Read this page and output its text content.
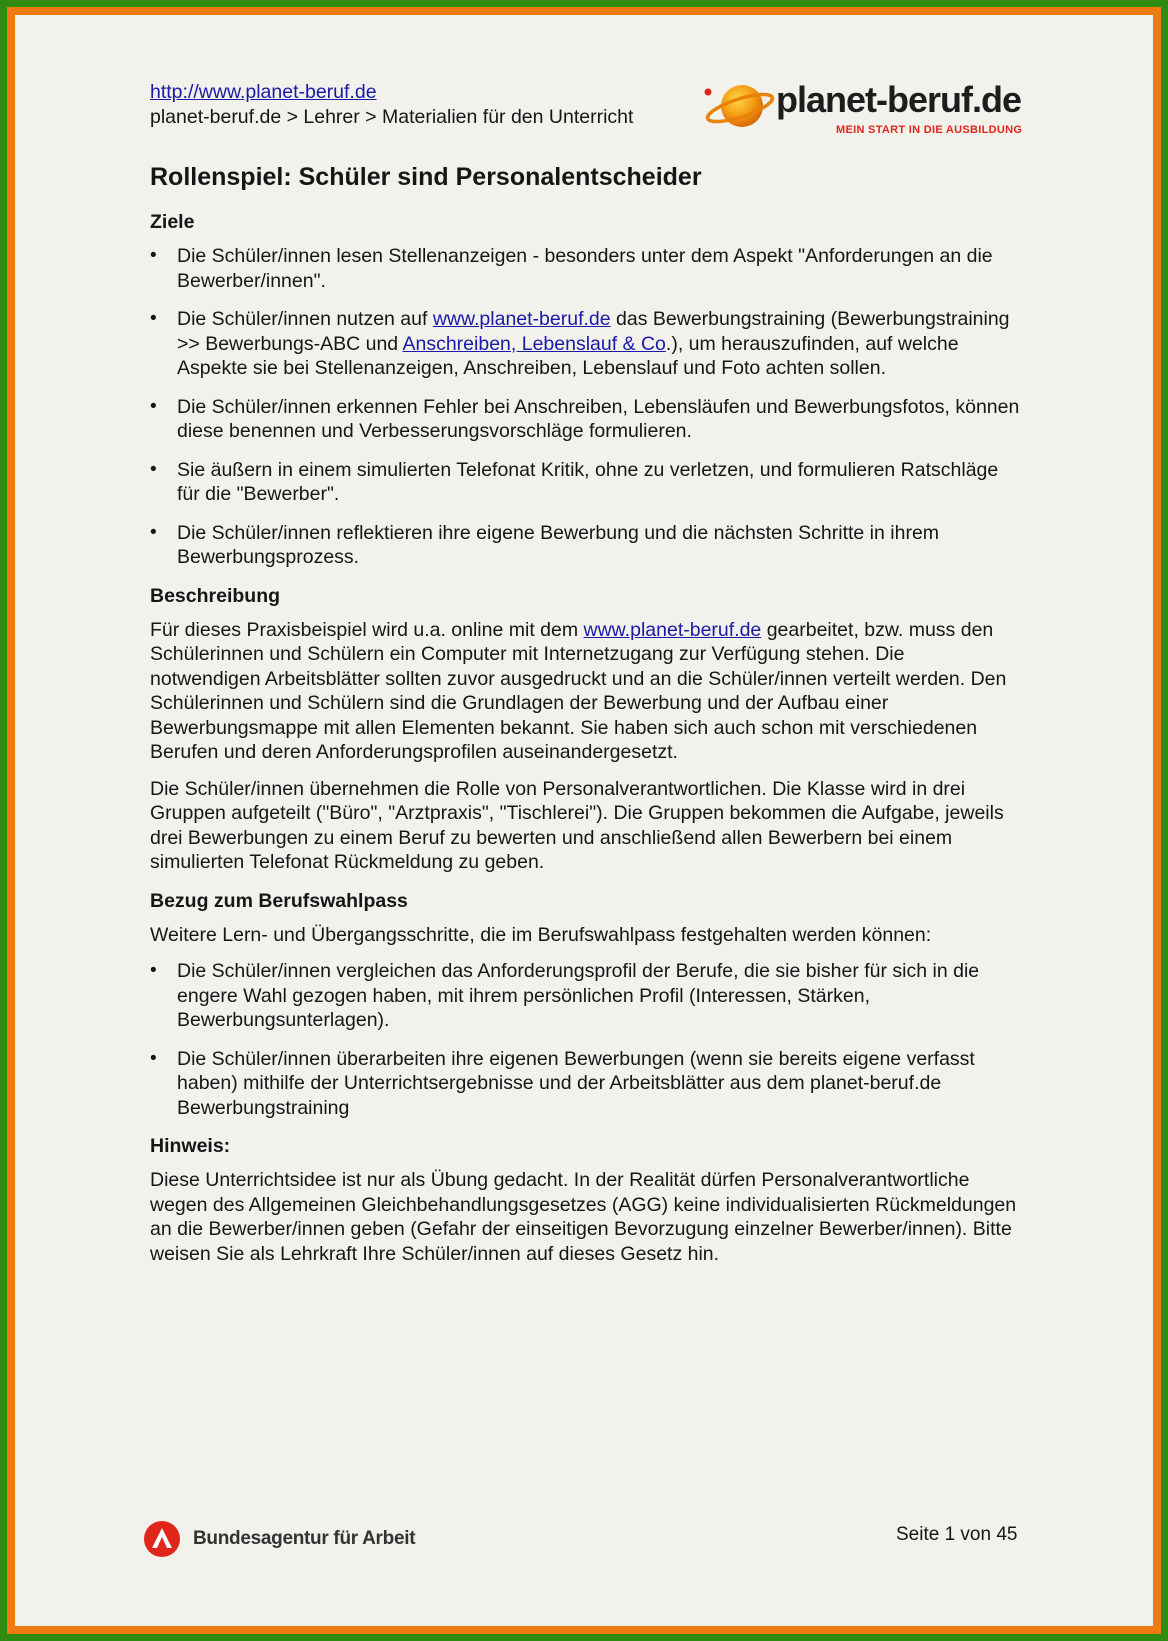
http://www.planet-beruf.de
planet-beruf.de > Lehrer > Materialien für den Unterricht	planet-beruf.de
MEIN START IN DIE AUSBILDUNG
Rollenspiel: Schüler sind Personalentscheider
Ziele
• Die Schüler/innen lesen Stellenanzeigen - besonders unter dem Aspekt "Anforderungen an die Bewerber/innen".
• Die Schüler/innen nutzen auf www.planet-beruf.de das Bewerbungstraining (Bewerbungstraining >> Bewerbungs-ABC und Anschreiben, Lebenslauf & Co.), um herauszufinden, auf welche Aspekte sie bei Stellenanzeigen, Anschreiben, Lebenslauf und Foto achten sollen.
• Die Schüler/innen erkennen Fehler bei Anschreiben, Lebensläufen und Bewerbungsfotos, können diese benennen und Verbesserungsvorschläge formulieren.
• Sie äußern in einem simulierten Telefonat Kritik, ohne zu verletzen, und formulieren Ratschläge für die "Bewerber".
• Die Schüler/innen reflektieren ihre eigene Bewerbung und die nächsten Schritte in ihrem Bewerbungsprozess.
Beschreibung

Für dieses Praxisbeispiel wird u.a. online mit dem www.planet-beruf.de gearbeitet, bzw. muss den Schülerinnen und Schülern ein Computer mit Internetzugang zur Verfügung stehen. Die notwendigen Arbeitsblätter sollten zuvor ausgedruckt und an die Schüler/innen verteilt werden. Den Schülerinnen und Schülern sind die Grundlagen der Bewerbung und der Aufbau einer Bewerbungsmappe mit allen Elementen bekannt. Sie haben sich auch schon mit verschiedenen Berufen und deren Anforderungsprofilen auseinandergesetzt.

Die Schüler/innen übernehmen die Rolle von Personalverantwortlichen. Die Klasse wird in drei Gruppen aufgeteilt ("Büro", "Arztpraxis", "Tischlerei"). Die Gruppen bekommen die Aufgabe, jeweils drei Bewerbungen zu einem Beruf zu bewerten und anschließend allen Bewerbern bei einem simulierten Telefonat Rückmeldung zu geben.

Bezug zum Berufswahlpass

Weitere Lern- und Übergangsschritte, die im Berufswahlpass festgehalten werden können:

• Die Schüler/innen vergleichen das Anforderungsprofil der Berufe, die sie bisher für sich in die engere Wahl gezogen haben, mit ihrem persönlichen Profil (Interessen, Stärken, Bewerbungsunterlagen).
• Die Schüler/innen überarbeiten ihre eigenen Bewerbungen (wenn sie bereits eigene verfasst haben) mithilfe der Unterrichtsergebnisse und der Arbeitsblätter aus dem planet-beruf.de Bewerbungstraining
Hinweis:

Diese Unterrichtsidee ist nur als Übung gedacht. In der Realität dürfen Personalverantwortliche wegen des Allgemeinen Gleichbehandlungsgesetzes (AGG) keine individualisierten Rückmeldungen an die Bewerber/innen geben (Gefahr der einseitigen Bevorzugung einzelner Bewerber/innen). Bitte weisen Sie als Lehrkraft Ihre Schüler/innen auf dieses Gesetz hin.

Bundesagentur für Arbeit	Seite 1 von 45
